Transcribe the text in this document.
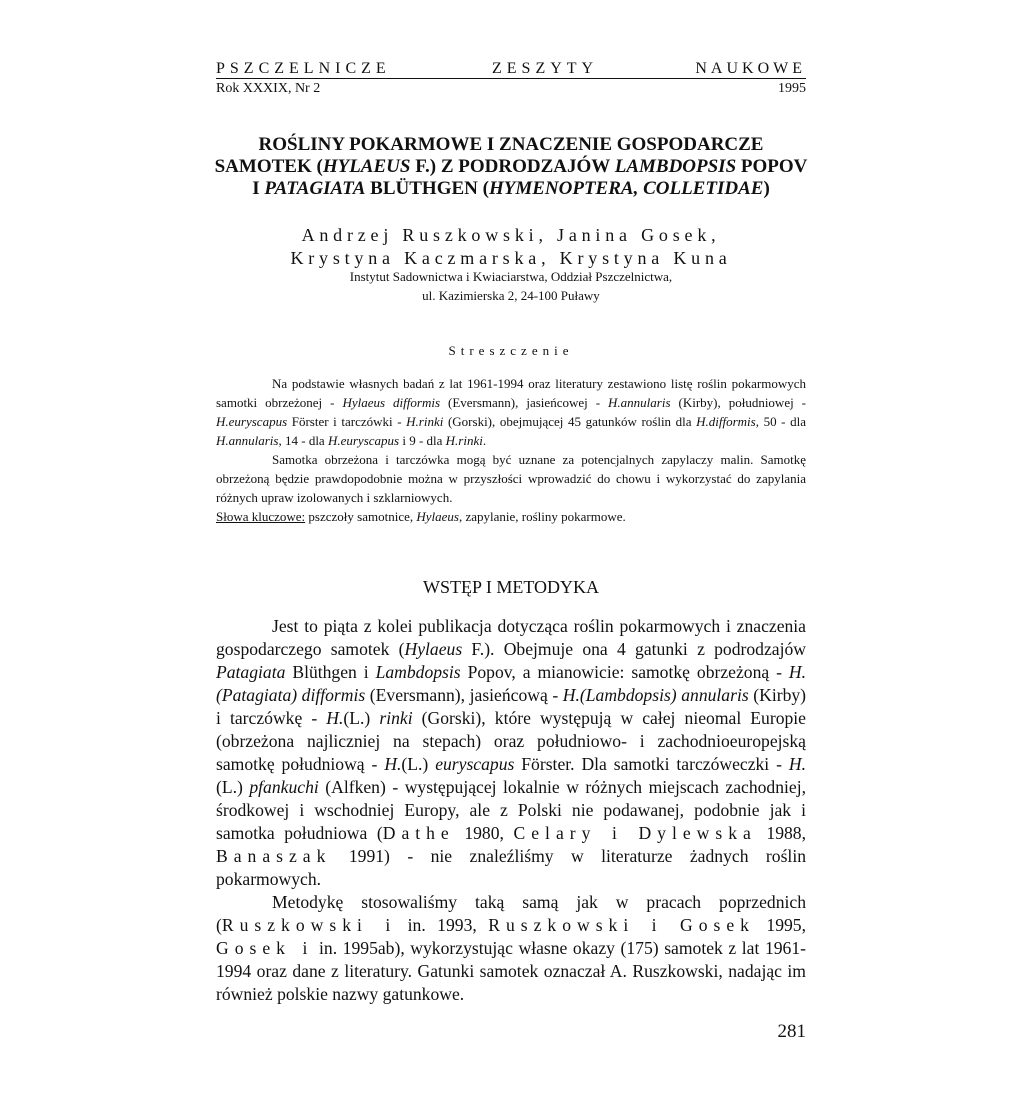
PSZCZELNICZE	ZESZYTY	NAUKOWE
Rok XXXIX, Nr 2	1995
ROŚLINY POKARMOWE I ZNACZENIE GOSPODARCZE
SAMOTEK (HYLAEUS F.) Z PODRODZAJÓW LAMBDOPSIS POPOV
I PATAGIATA BLÜTHGEN (HYMENOPTERA, COLLETIDAE)
Andrzej Ruszkowski, Janina Gosek,
Krystyna Kaczmarska, Krystyna Kuna
Instytut Sadownictwa i Kwiaciarstwa, Oddział Pszczelnictwa,
ul. Kazimierska 2, 24-100 Puławy
Streszczenie

Na podstawie własnych badań z lat 1961-1994 oraz literatury zestawiono listę roślin pokarmowych samotki obrzeżonej - Hylaeus difformis (Eversmann), jasieńcowej - H.annularis (Kirby), południowej - H.euryscapus Förster i tarczówki - H.rinki (Gorski), obejmującej 45 gatunków roślin dla H.difformis, 50 - dla H.annularis, 14 - dla H.euryscapus i 9 - dla H.rinki.

Samotka obrzeżona i tarczówka mogą być uznane za potencjalnych zapylaczy malin. Samotkę obrzeżoną będzie prawdopodobnie można w przyszłości wprowadzić do chowu i wykorzystać do zapylania różnych upraw izolowanych i szklarniowych.

Słowa kluczowe: pszczoły samotnice, Hylaeus, zapylanie, rośliny pokarmowe.

WSTĘP I METODYKA

Jest to piąta z kolei publikacja dotycząca roślin pokarmowych i znaczenia gospodarczego samotek (Hylaeus F.). Obejmuje ona 4 gatunki z podrodzajów Patagiata Blüthgen i Lambdopsis Popov, a mianowicie: samotkę obrzeżoną - H.(Patagiata) difformis (Eversmann), jasieńcową - H.(Lambdopsis) annularis (Kirby) i tarczówkę - H.(L.) rinki (Gorski), które występują w całej nieomal Europie (obrzeżona najliczniej na stepach) oraz południowo- i zachodnioeuropejską samotkę południową - H.(L.) euryscapus Förster. Dla samotki tarczóweczki - H.(L.) pfankuchi (Alfken) - występującej lokalnie w różnych miejscach zachodniej, środkowej i wschodniej Europy, ale z Polski nie podawanej, podobnie jak i samotka południowa (Dathe 1980, Celary i Dylewska 1988, Banaszak 1991) - nie znaleźliśmy w literaturze żadnych roślin pokarmowych.

Metodykę stosowaliśmy taką samą jak w pracach poprzednich (Ruszkowski i in. 1993, Ruszkowski i Gosek 1995, Gosek i in. 1995ab), wykorzystując własne okazy (175) samotek z lat 1961-1994 oraz dane z literatury. Gatunki samotek oznaczał A. Ruszkowski, nadając im również polskie nazwy gatunkowe.

281
